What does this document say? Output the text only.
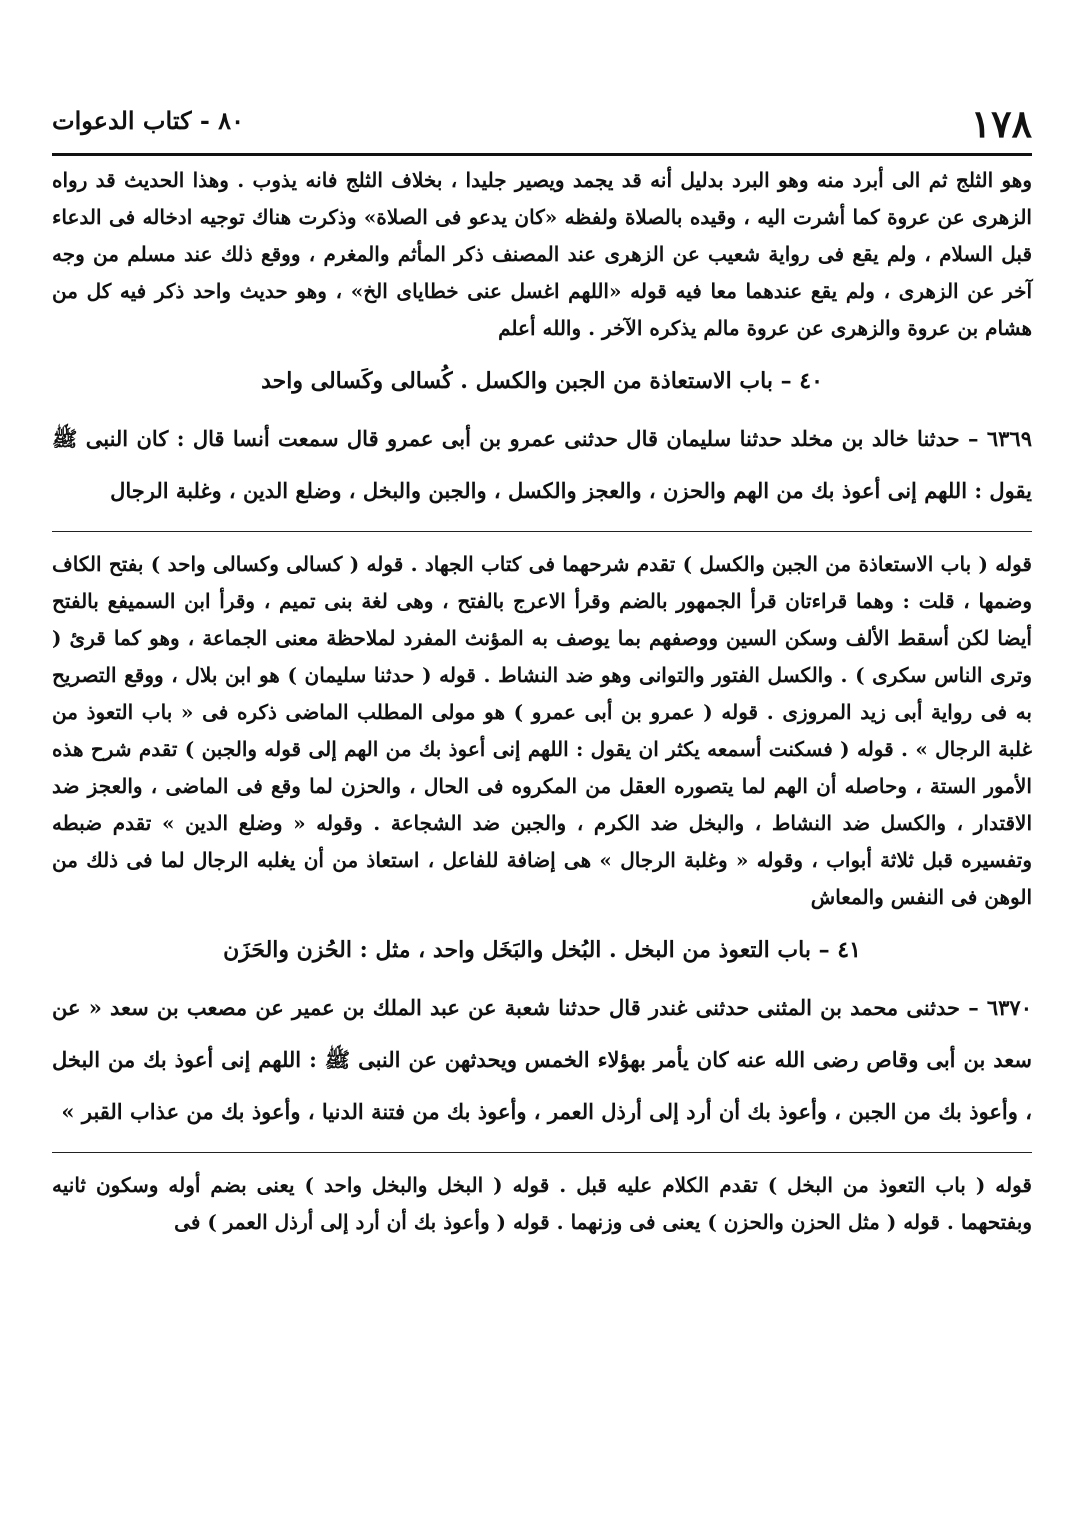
١٧٨
٨٠ - كتاب الدعوات

وهو الثلج ثم الى أبرد منه وهو البرد بدليل أنه قد يجمد ويصير جليدا ، بخلاف الثلج فانه يذوب . وهذا الحديث قد رواه الزهرى عن عروة كما أشرت اليه ، وقيده بالصلاة ولفظه «كان يدعو فى الصلاة» وذكرت هناك توجيه ادخاله فى الدعاء قبل السلام ، ولم يقع فى رواية شعيب عن الزهرى عند المصنف ذكر المأثم والمغرم ، ووقع ذلك عند مسلم من وجه آخر عن الزهرى ، ولم يقع عندهما معا فيه قوله «اللهم اغسل عنى خطاياى الخ» ، وهو حديث واحد ذكر فيه كل من هشام بن عروة والزهرى عن عروة مالم يذكره الآخر . والله أعلم

٤٠ – باب الاستعاذة من الجبن والكسل . كُسالى وكَسالى واحد

٦٣٦٩ – حدثنا خالد بن مخلد حدثنا سليمان قال حدثنى عمرو بن أبى عمرو قال سمعت أنسا قال : كان النبى ﷺ يقول : اللهم إنى أعوذ بك من الهم والحزن ، والعجز والكسل ، والجبن والبخل ، وضلع الدين ، وغلبة الرجال

قوله ( باب الاستعاذة من الجبن والكسل ) تقدم شرحهما فى كتاب الجهاد . قوله ( كسالى وكسالى واحد ) بفتح الكاف وضمها ، قلت : وهما قراءتان قرأ الجمهور بالضم وقرأ الاعرج بالفتح ، وهى لغة بنى تميم ، وقرأ ابن السميفع بالفتح أيضا لكن أسقط الألف وسكن السين ووصفهم بما يوصف به المؤنث المفرد لملاحظة معنى الجماعة ، وهو كما قرئ ( وترى الناس سكرى ) . والكسل الفتور والتوانى وهو ضد النشاط . قوله ( حدثنا سليمان ) هو ابن بلال ، ووقع التصريح به فى رواية أبى زيد المروزى . قوله ( عمرو بن أبى عمرو ) هو مولى المطلب الماضى ذكره فى « باب التعوذ من غلبة الرجال » . قوله ( فسكنت أسمعه يكثر ان يقول : اللهم إنى أعوذ بك من الهم إلى قوله والجبن ) تقدم شرح هذه الأمور الستة ، وحاصله أن الهم لما يتصوره العقل من المكروه فى الحال ، والحزن لما وقع فى الماضى ، والعجز ضد الاقتدار ، والكسل ضد النشاط ، والبخل ضد الكرم ، والجبن ضد الشجاعة . وقوله « وضلع الدين » تقدم ضبطه وتفسيره قبل ثلاثة أبواب ، وقوله « وغلبة الرجال » هى إضافة للفاعل ، استعاذ من أن يغلبه الرجال لما فى ذلك من الوهن فى النفس والمعاش

٤١ – باب التعوذ من البخل . البُخل والبَخَل واحد ، مثل : الحُزن والحَزَن

٦٣٧٠ – حدثنى محمد بن المثنى حدثنى غندر قال حدثنا شعبة عن عبد الملك بن عمير عن مصعب بن سعد « عن سعد بن أبى وقاص رضى الله عنه كان يأمر بهؤلاء الخمس ويحدثهن عن النبى ﷺ : اللهم إنى أعوذ بك من البخل ، وأعوذ بك من الجبن ، وأعوذ بك أن أرد إلى أرذل العمر ، وأعوذ بك من فتنة الدنيا ، وأعوذ بك من عذاب القبر »

قوله ( باب التعوذ من البخل ) تقدم الكلام عليه قبل . قوله ( البخل والبخل واحد ) يعنى بضم أوله وسكون ثانيه وبفتحهما . قوله ( مثل الحزن والحزن ) يعنى فى وزنهما . قوله ( وأعوذ بك أن أرد إلى أرذل العمر ) فى
